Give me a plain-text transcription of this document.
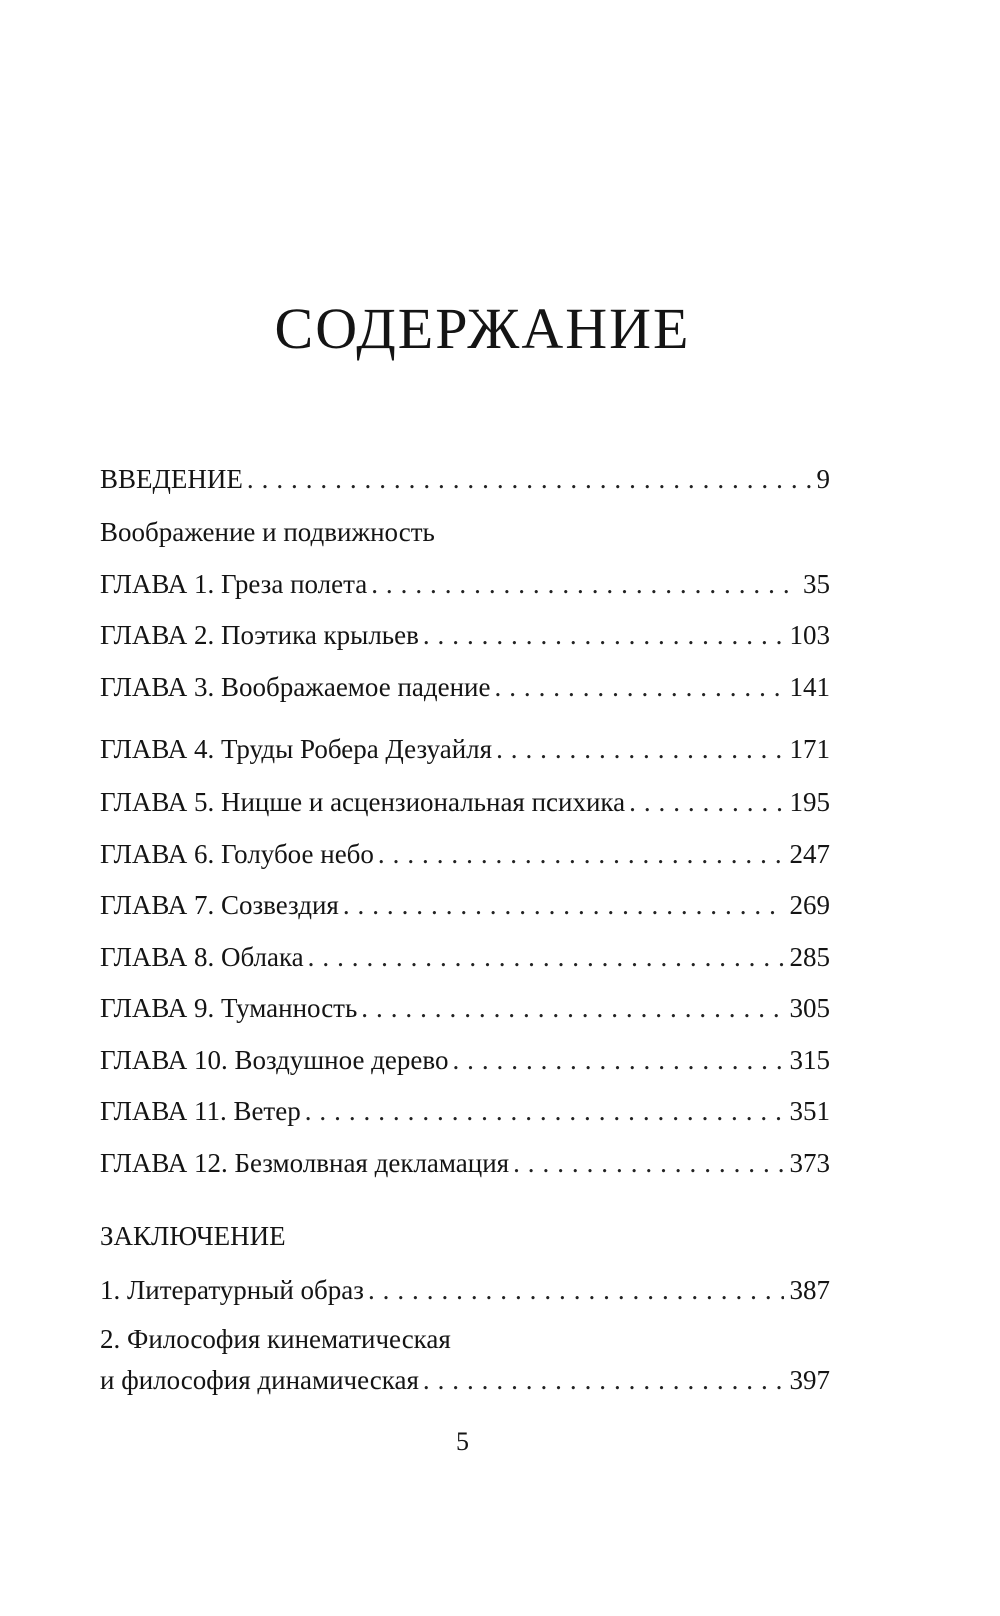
СОДЕРЖАНИЕ
ВВЕДЕНИЕ . . .	9
Воображение и подвижность
ГЛАВА 1. Греза полета . . .	35
ГЛАВА 2. Поэтика крыльев . . .	103
ГЛАВА 3. Воображаемое падение . . .	141
ГЛАВА 4. Труды Робера Дезуайля . . .	171
ГЛАВА 5. Ницше и асцензиональная психика . . .	195
ГЛАВА 6. Голубое небо . . .	247
ГЛАВА 7. Созвездия . . .	269
ГЛАВА 8. Облака . . .	285
ГЛАВА 9. Туманность . . .	305
ГЛАВА 10. Воздушное дерево . . .	315
ГЛАВА 11. Ветер . . .	351
ГЛАВА 12. Безмолвная декламация . . .	373
ЗАКЛЮЧЕНИЕ
1. Литературный образ . . .	387
2. Философия кинематическая
и философия динамическая . . .	397
5
